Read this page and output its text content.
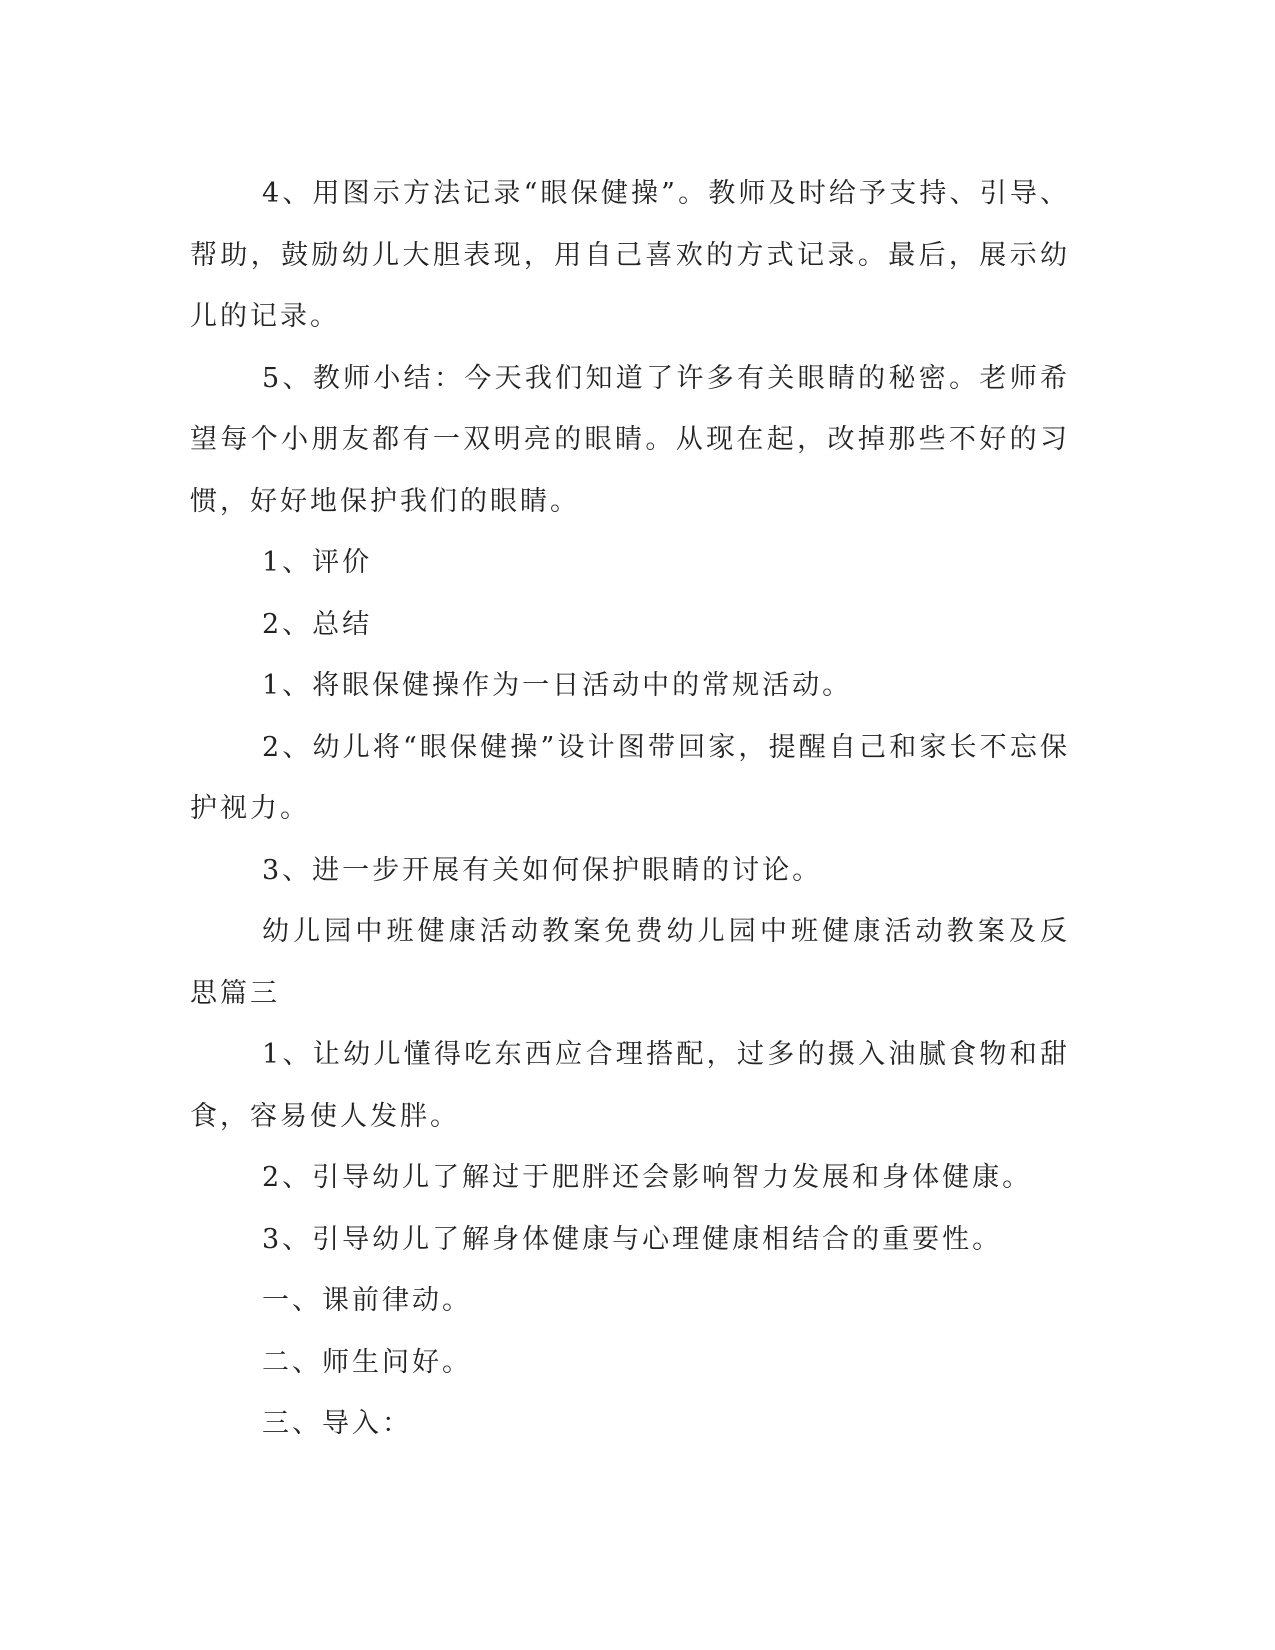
4、用图示方法记录“眼保健操”。教师及时给予支持、引导、帮助，鼓励幼儿大胆表现，用自己喜欢的方式记录。最后，展示幼儿的记录。

5、教师小结：今天我们知道了许多有关眼睛的秘密。老师希望每个小朋友都有一双明亮的眼睛。从现在起，改掉那些不好的习惯，好好地保护我们的眼睛。

1、评价

2、总结

1、将眼保健操作为一日活动中的常规活动。

2、幼儿将“眼保健操”设计图带回家，提醒自己和家长不忘保护视力。

3、进一步开展有关如何保护眼睛的讨论。

幼儿园中班健康活动教案免费幼儿园中班健康活动教案及反思篇三

1、让幼儿懂得吃东西应合理搭配，过多的摄入油腻食物和甜食，容易使人发胖。

2、引导幼儿了解过于肥胖还会影响智力发展和身体健康。

3、引导幼儿了解身体健康与心理健康相结合的重要性。

一、课前律动。

二、师生问好。

三、导入：
